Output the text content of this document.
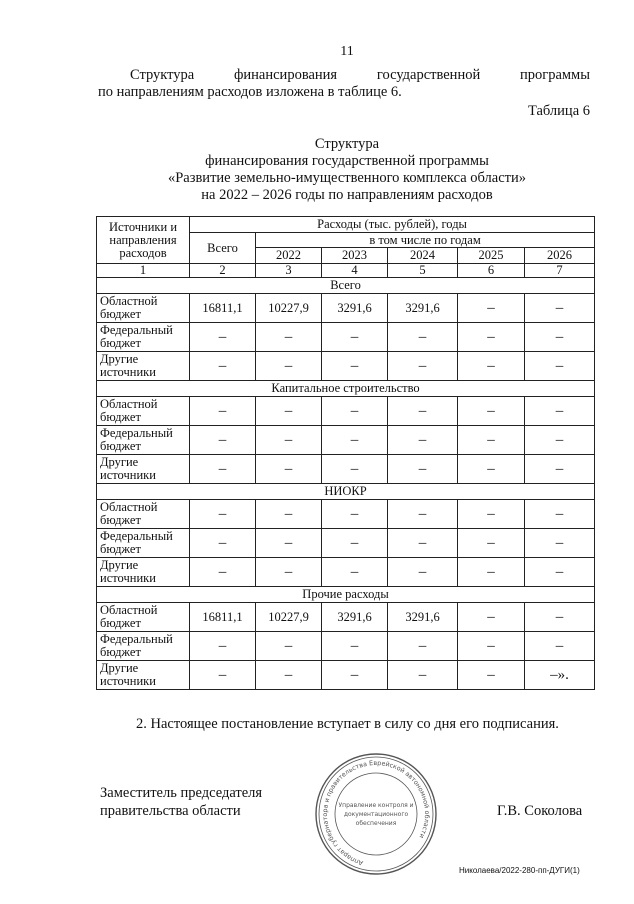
11
Структура	финансирования	государственной	программы
по направлениям расходов изложена в таблице 6.
Таблица 6
Структура
финансирования государственной программы
«Развитие земельно-имущественного комплекса области»
на 2022 – 2026 годы по направлениям расходов
Источники и направления расходов	Расходы (тыс. рублей), годы					
	Всего	в том числе по годам				
		2022	2023	2024	2025	2026
1	2	3	4	5	6	7
Всего						
Областной бюджет	16811,1	10227,9	3291,6	3291,6	–	–
Федеральный бюджет	–	–	–	–	–	–
Другие источники	–	–	–	–	–	–
Капитальное строительство						
Областной бюджет	–	–	–	–	–	–
Федеральный бюджет	–	–	–	–	–	–
Другие источники	–	–	–	–	–	–
НИОКР						
Областной бюджет	–	–	–	–	–	–
Федеральный бюджет	–	–	–	–	–	–
Другие источники	–	–	–	–	–	–
Прочие расходы						
Областной бюджет	16811,1	10227,9	3291,6	3291,6	–	–
Федеральный бюджет	–	–	–	–	–	–
Другие источники	–	–	–	–	–	–».
2. Настоящее постановление вступает в силу со дня его подписания.
Заместитель председателя
правительства области	Г.В. Соколова
Аппарат губернатора и правительства Еврейской автономной области
Управление контроля и
документационного
обеспечения
Николаева/2022-280-пп-ДУГИ(1)
